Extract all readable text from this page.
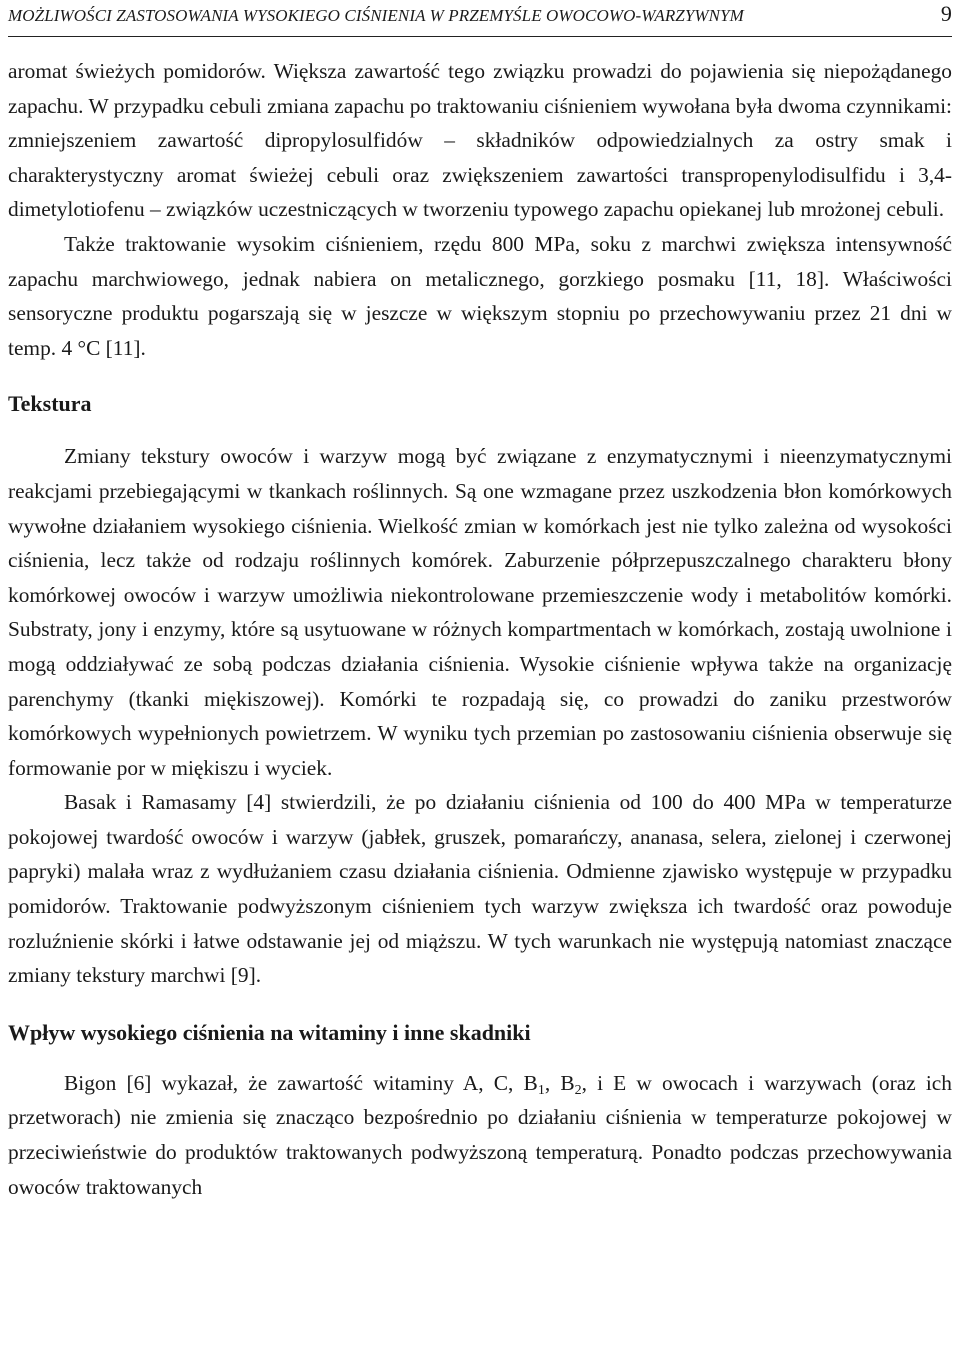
MOŻLIWOŚCI ZASTOSOWANIA WYSOKIEGO CIŚNIENIA W PRZEMYŚLE OWOCOWO-WARZYWNYM	9

aromat świeżych pomidorów. Większa zawartość tego związku prowadzi do pojawienia się niepożądanego zapachu. W przypadku cebuli zmiana zapachu po traktowaniu ciśnieniem wywołana była dwoma czynnikami: zmniejszeniem zawartość dipropylosulfidów – składników odpowiedzialnych za ostry smak i charakterystyczny aromat świeżej cebuli oraz zwiększeniem zawartości transpropenylodisulfidu i 3,4-dimetylotiofenu – związków uczestniczących w tworzeniu typowego zapachu opiekanej lub mrożonej cebuli.

Także traktowanie wysokim ciśnieniem, rzędu 800 MPa, soku z marchwi zwiększa intensywność zapachu marchwiowego, jednak nabiera on metalicznego, gorzkiego posmaku [11, 18]. Właściwości sensoryczne produktu pogarszają się w jeszcze w większym stopniu po przechowywaniu przez 21 dni w temp. 4 °C [11].

Tekstura

Zmiany tekstury owoców i warzyw mogą być związane z enzymatycznymi i nieenzymatycznymi reakcjami przebiegającymi w tkankach roślinnych. Są one wzmagane przez uszkodzenia błon komórkowych wywołne działaniem wysokiego ciśnienia. Wielkość zmian w komórkach jest nie tylko zależna od wysokości ciśnienia, lecz także od rodzaju roślinnych komórek. Zaburzenie półprzepuszczalnego charakteru błony komórkowej owoców i warzyw umożliwia niekontrolowane przemieszczenie wody i metabolitów komórki. Substraty, jony i enzymy, które są usytuowane w różnych kompartmentach w komórkach, zostają uwolnione i mogą oddziaływać ze sobą podczas działania ciśnienia. Wysokie ciśnienie wpływa także na organizację parenchymy (tkanki miękiszowej). Komórki te rozpadają się, co prowadzi do zaniku przestworów komórkowych wypełnionych powietrzem. W wyniku tych przemian po zastosowaniu ciśnienia obserwuje się formowanie por w miękiszu i wyciek.

Basak i Ramasamy [4] stwierdzili, że po działaniu ciśnienia od 100 do 400 MPa w temperaturze pokojowej twardość owoców i warzyw (jabłek, gruszek, pomarańczy, ananasa, selera, zielonej i czerwonej papryki) malała wraz z wydłużaniem czasu działania ciśnienia. Odmienne zjawisko występuje w przypadku pomidorów. Traktowanie podwyższonym ciśnieniem tych warzyw zwiększa ich twardość oraz powoduje rozluźnienie skórki i łatwe odstawanie jej od miąższu. W tych warunkach nie występują natomiast znaczące zmiany tekstury marchwi [9].

Wpływ wysokiego ciśnienia na witaminy i inne skadniki

Bigon [6] wykazał, że zawartość witaminy A, C, $B_1$, $B_2$, i E w owocach i warzywach (oraz ich przetworach) nie zmienia się znacząco bezpośrednio po działaniu ciśnienia w temperaturze pokojowej w przeciwieństwie do produktów traktowanych podwyższoną temperaturą. Ponadto podczas przechowywania owoców traktowanych
